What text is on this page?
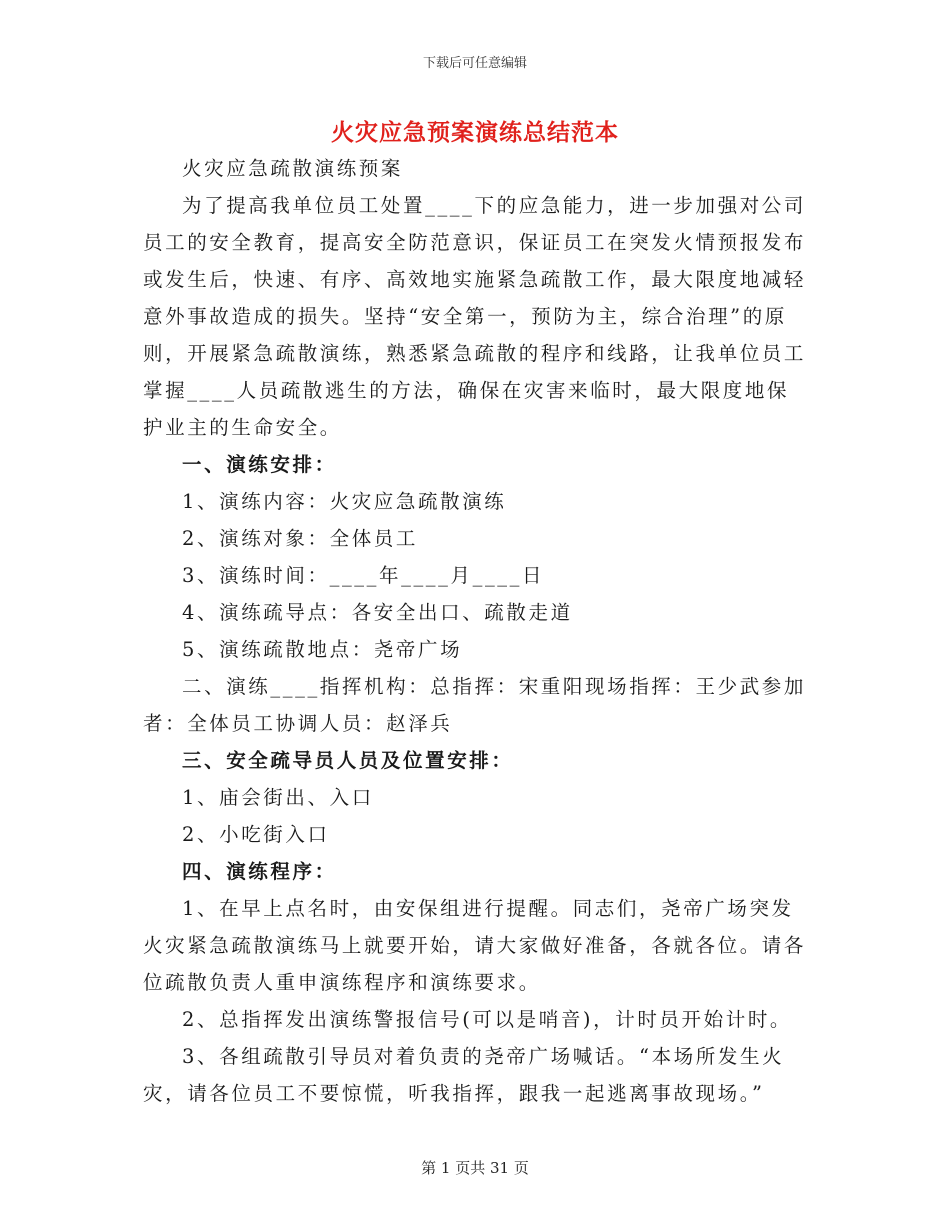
下载后可任意编辑
火灾应急预案演练总结范本

火灾应急疏散演练预案

为了提高我单位员工处置____下的应急能力，进一步加强对公司员工的安全教育，提高安全防范意识，保证员工在突发火情预报发布或发生后，快速、有序、高效地实施紧急疏散工作，最大限度地减轻意外事故造成的损失。坚持“安全第一，预防为主，综合治理”的原则，开展紧急疏散演练，熟悉紧急疏散的程序和线路，让我单位员工掌握____人员疏散逃生的方法，确保在灾害来临时，最大限度地保护业主的生命安全。

一、演练安排：

1、演练内容：火灾应急疏散演练

2、演练对象：全体员工

3、演练时间：____年____月____日

4、演练疏导点：各安全出口、疏散走道

5、演练疏散地点：尧帝广场

二、演练____指挥机构：总指挥：宋重阳现场指挥：王少武参加者：全体员工协调人员：赵泽兵

三、安全疏导员人员及位置安排：

1、庙会街出、入口

2、小吃街入口

四、演练程序：

1、在早上点名时，由安保组进行提醒。同志们，尧帝广场突发火灾紧急疏散演练马上就要开始，请大家做好准备，各就各位。请各位疏散负责人重申演练程序和演练要求。

2、总指挥发出演练警报信号(可以是哨音)，计时员开始计时。

3、各组疏散引导员对着负责的尧帝广场喊话。“本场所发生火灾，请各位员工不要惊慌，听我指挥，跟我一起逃离事故现场。”

第 1 页共 31 页
